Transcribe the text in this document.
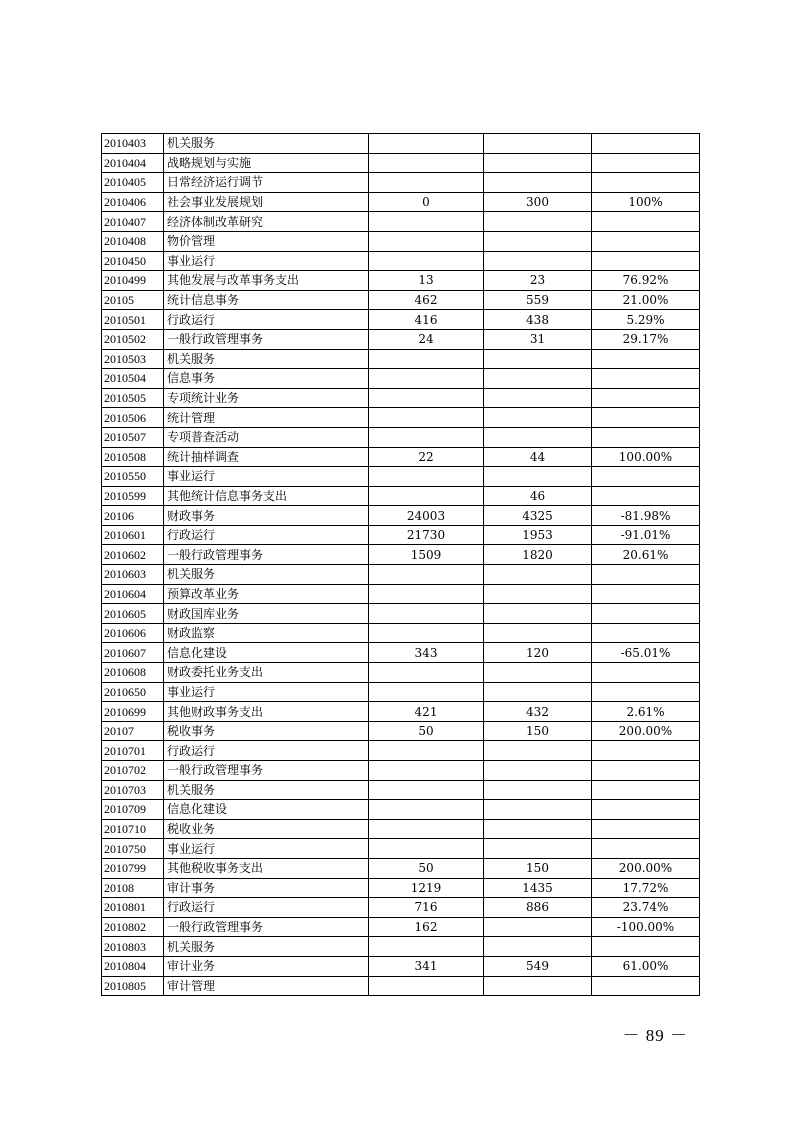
2010403	机关服务			
2010404	战略规划与实施			
2010405	日常经济运行调节			
2010406	社会事业发展规划	0	300	100%
2010407	经济体制改革研究			
2010408	物价管理			
2010450	事业运行			
2010499	其他发展与改革事务支出	13	23	76.92%
20105	统计信息事务	462	559	21.00%
2010501	行政运行	416	438	5.29%
2010502	一般行政管理事务	24	31	29.17%
2010503	机关服务			
2010504	信息事务			
2010505	专项统计业务			
2010506	统计管理			
2010507	专项普查活动			
2010508	统计抽样调查	22	44	100.00%
2010550	事业运行			
2010599	其他统计信息事务支出		46	
20106	财政事务	24003	4325	-81.98%
2010601	行政运行	21730	1953	-91.01%
2010602	一般行政管理事务	1509	1820	20.61%
2010603	机关服务			
2010604	预算改革业务			
2010605	财政国库业务			
2010606	财政监察			
2010607	信息化建设	343	120	-65.01%
2010608	财政委托业务支出			
2010650	事业运行			
2010699	其他财政事务支出	421	432	2.61%
20107	税收事务	50	150	200.00%
2010701	行政运行			
2010702	一般行政管理事务			
2010703	机关服务			
2010709	信息化建设			
2010710	税收业务			
2010750	事业运行			
2010799	其他税收事务支出	50	150	200.00%
20108	审计事务	1219	1435	17.72%
2010801	行政运行	716	886	23.74%
2010802	一般行政管理事务	162		-100.00%
2010803	机关服务			
2010804	审计业务	341	549	61.00%
2010805	审计管理			
－ 89 －
